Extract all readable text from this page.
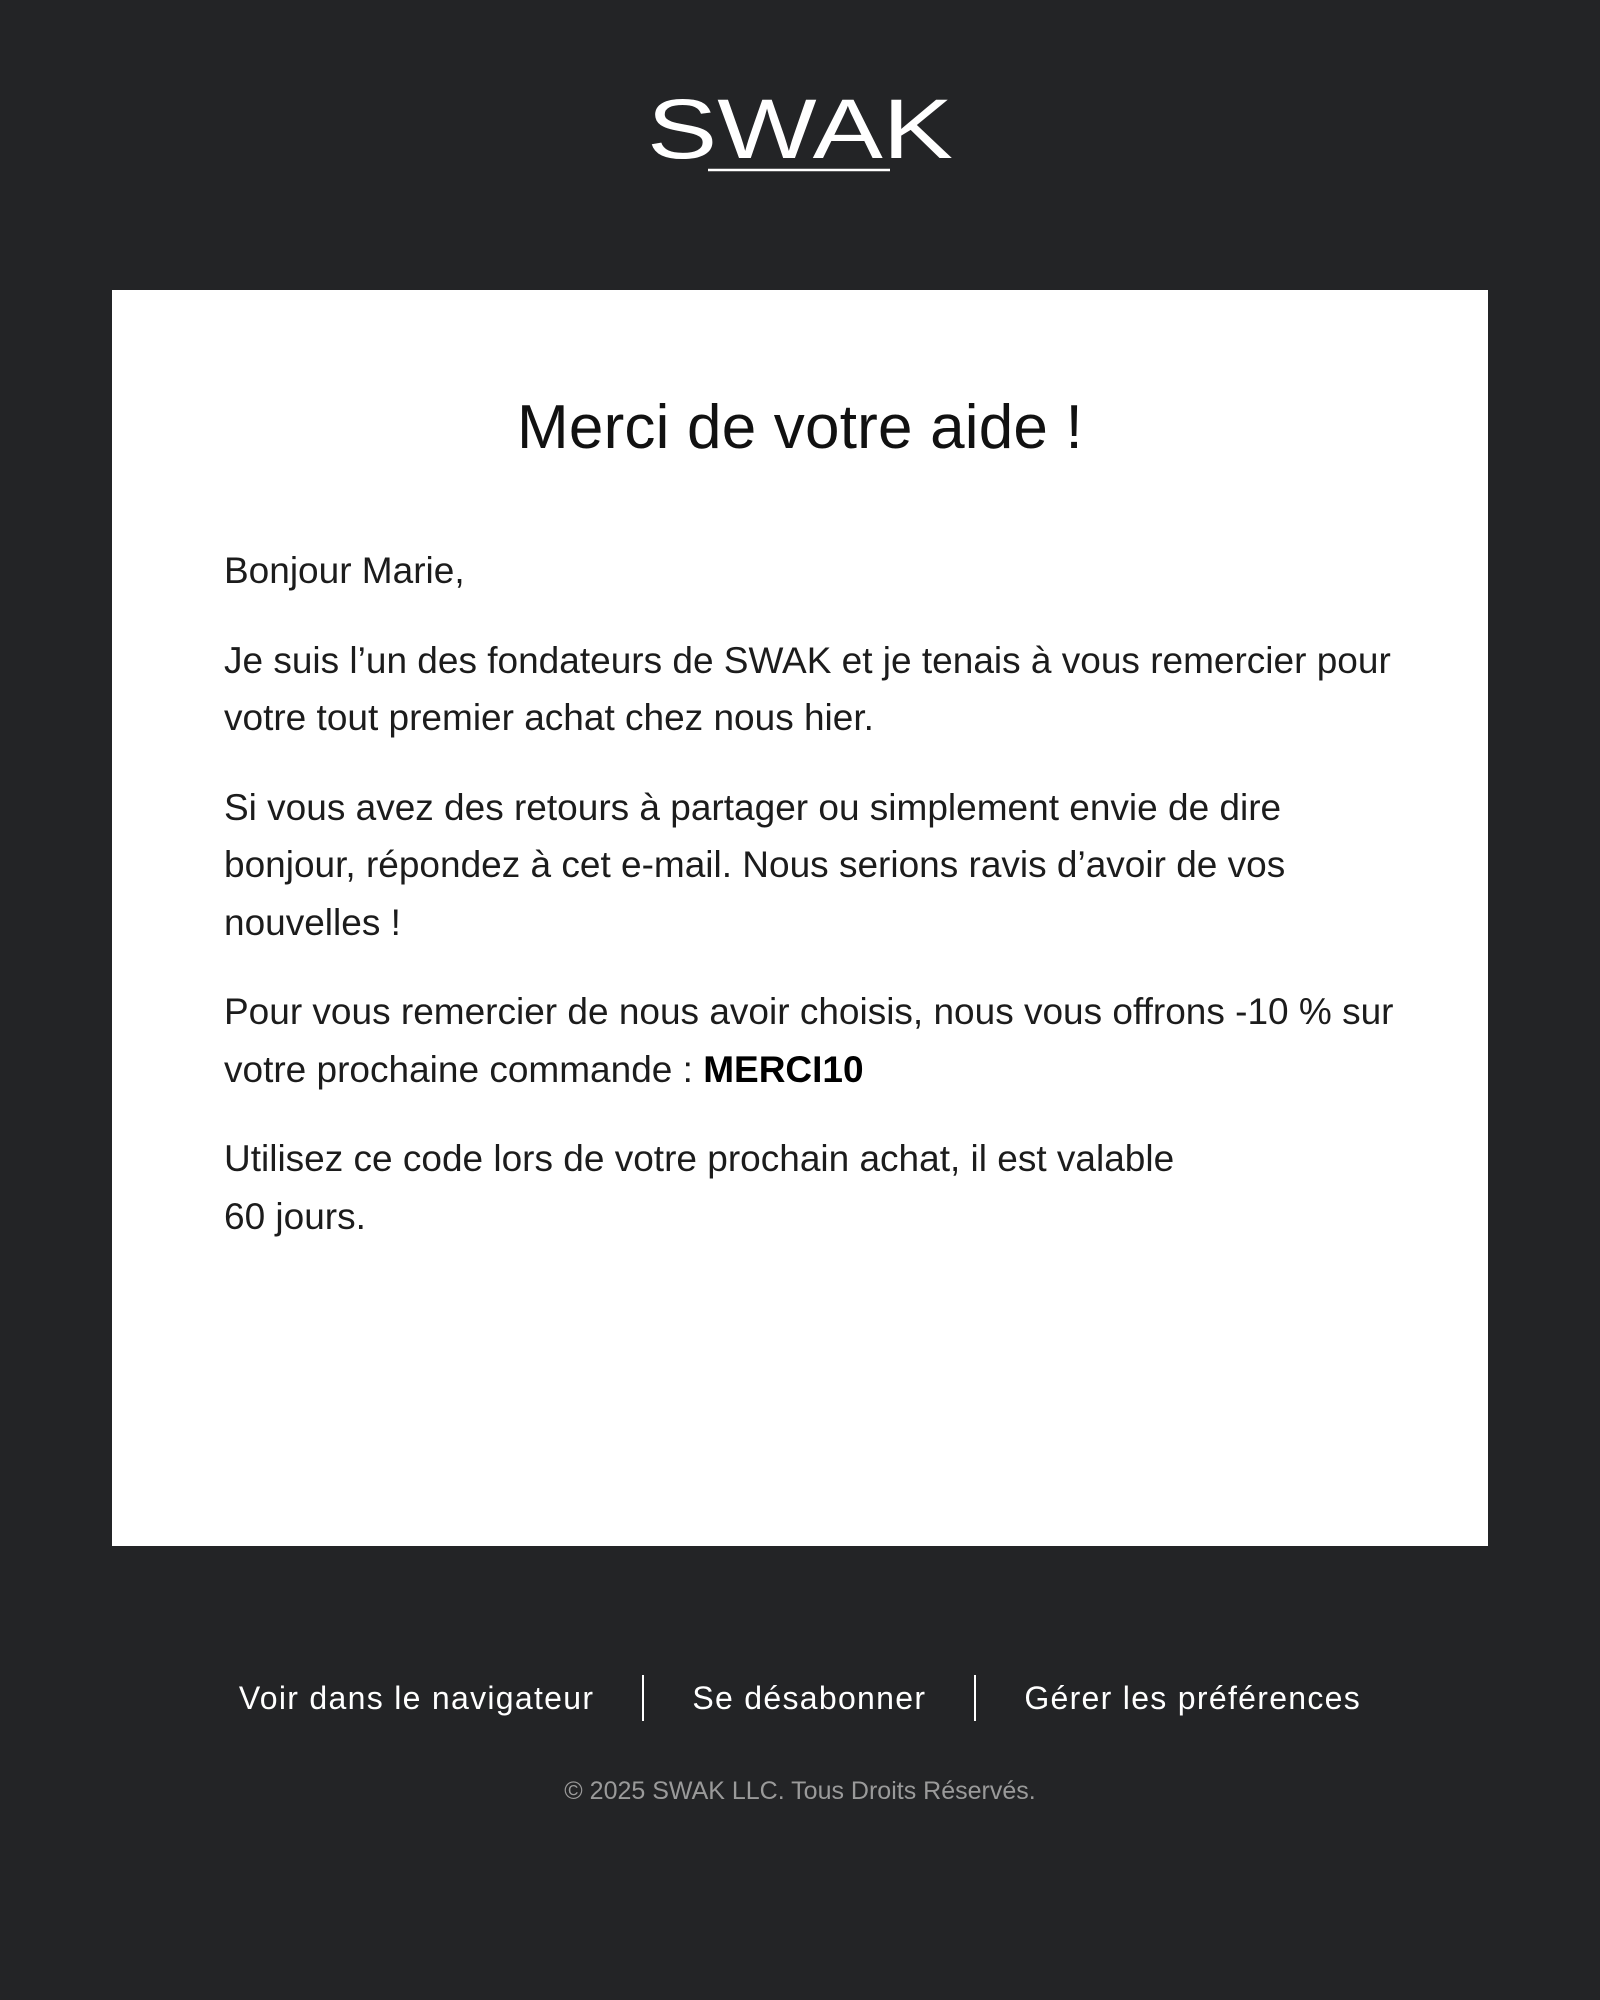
SWAK
Merci de votre aide !

Bonjour Marie,

Je suis l’un des fondateurs de SWAK et je tenais à vous remercier pour votre tout premier achat chez nous hier.

Si vous avez des retours à partager ou simplement envie de dire bonjour, répondez à cet e-mail. Nous serions ravis d’avoir de vos nouvelles !

Pour vous remercier de nous avoir choisis, nous vous offrons -10 % sur votre prochaine commande : MERCI10

Utilisez ce code lors de votre prochain achat, il est valable
60 jours.

Voir dans le navigateur	Se désabonner	Gérer les préférences
© 2025 SWAK LLC. Tous Droits Réservés.
